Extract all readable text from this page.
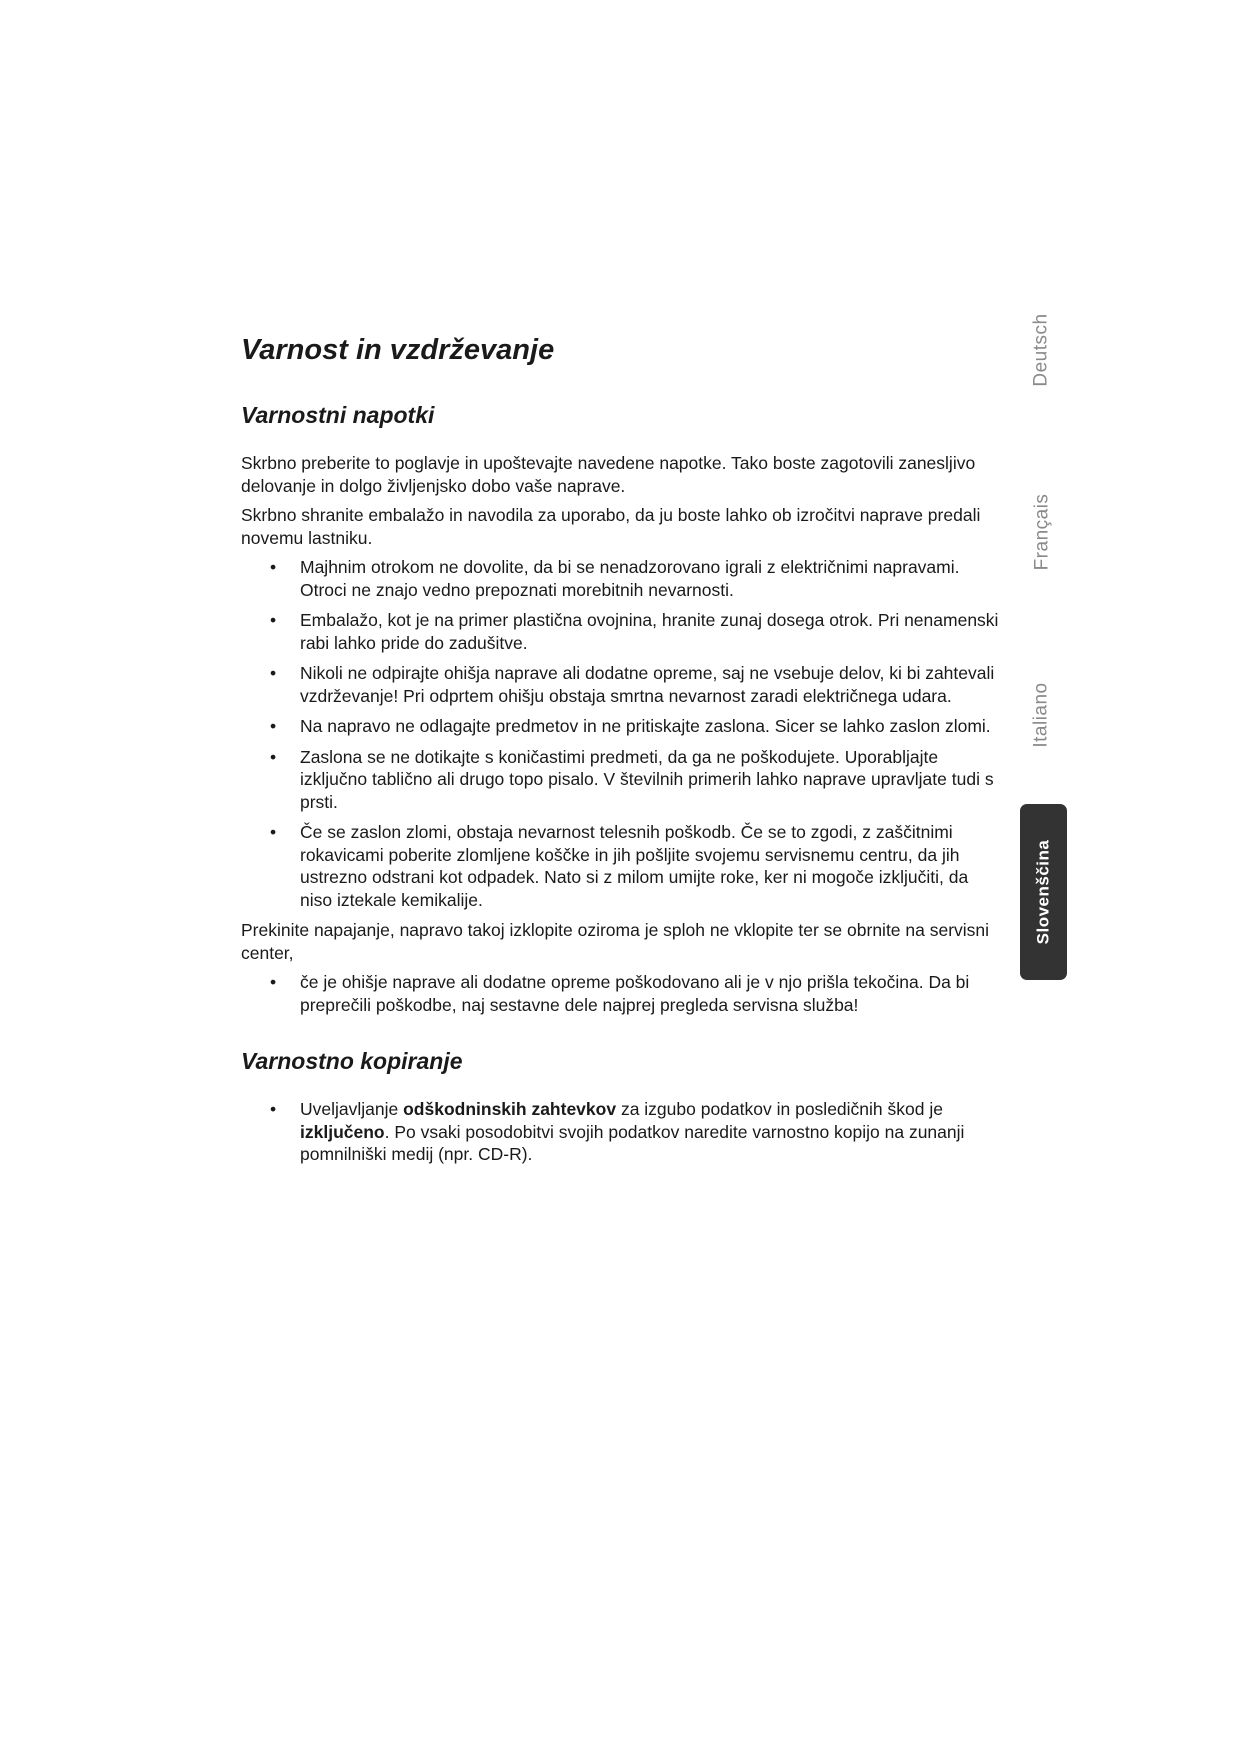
Varnost in vzdrževanje
Varnostni napotki

Skrbno preberite to poglavje in upoštevajte navedene napotke. Tako boste zagotovili zanesljivo delovanje in dolgo življenjsko dobo vaše naprave.

Skrbno shranite embalažo in navodila za uporabo, da ju boste lahko ob izročitvi naprave predali novemu lastniku.

• Majhnim otrokom ne dovolite, da bi se nenadzorovano igrali z električnimi napravami. Otroci ne znajo vedno prepoznati morebitnih nevarnosti.
• Embalažo, kot je na primer plastična ovojnina, hranite zunaj dosega otrok. Pri nenamenski rabi lahko pride do zadušitve.
• Nikoli ne odpirajte ohišja naprave ali dodatne opreme, saj ne vsebuje delov, ki bi zahtevali vzdrževanje! Pri odprtem ohišju obstaja smrtna nevarnost zaradi električnega udara.
• Na napravo ne odlagajte predmetov in ne pritiskajte zaslona. Sicer se lahko zaslon zlomi.
• Zaslona se ne dotikajte s koničastimi predmeti, da ga ne poškodujete. Uporabljajte izključno tablično ali drugo topo pisalo. V številnih primerih lahko naprave upravljate tudi s prsti.
• Če se zaslon zlomi, obstaja nevarnost telesnih poškodb. Če se to zgodi, z zaščitnimi rokavicami poberite zlomljene koščke in jih pošljite svojemu servisnemu centru, da jih ustrezno odstrani kot odpadek. Nato si z milom umijte roke, ker ni mogoče izključiti, da niso iztekale kemikalije.

Prekinite napajanje, napravo takoj izklopite oziroma je sploh ne vklopite ter se obrnite na servisni center,

• če je ohišje naprave ali dodatne opreme poškodovano ali je v njo prišla tekočina. Da bi preprečili poškodbe, naj sestavne dele najprej pregleda servisna služba!
Varnostno kopiranje
• Uveljavljanje odškodninskih zahtevkov za izgubo podatkov in posledičnih škod je izključeno. Po vsaki posodobitvi svojih podatkov naredite varnostno kopijo na zunanji pomnilniški medij (npr. CD-R).
Deutsch
Français
Italiano
Slovenščina
